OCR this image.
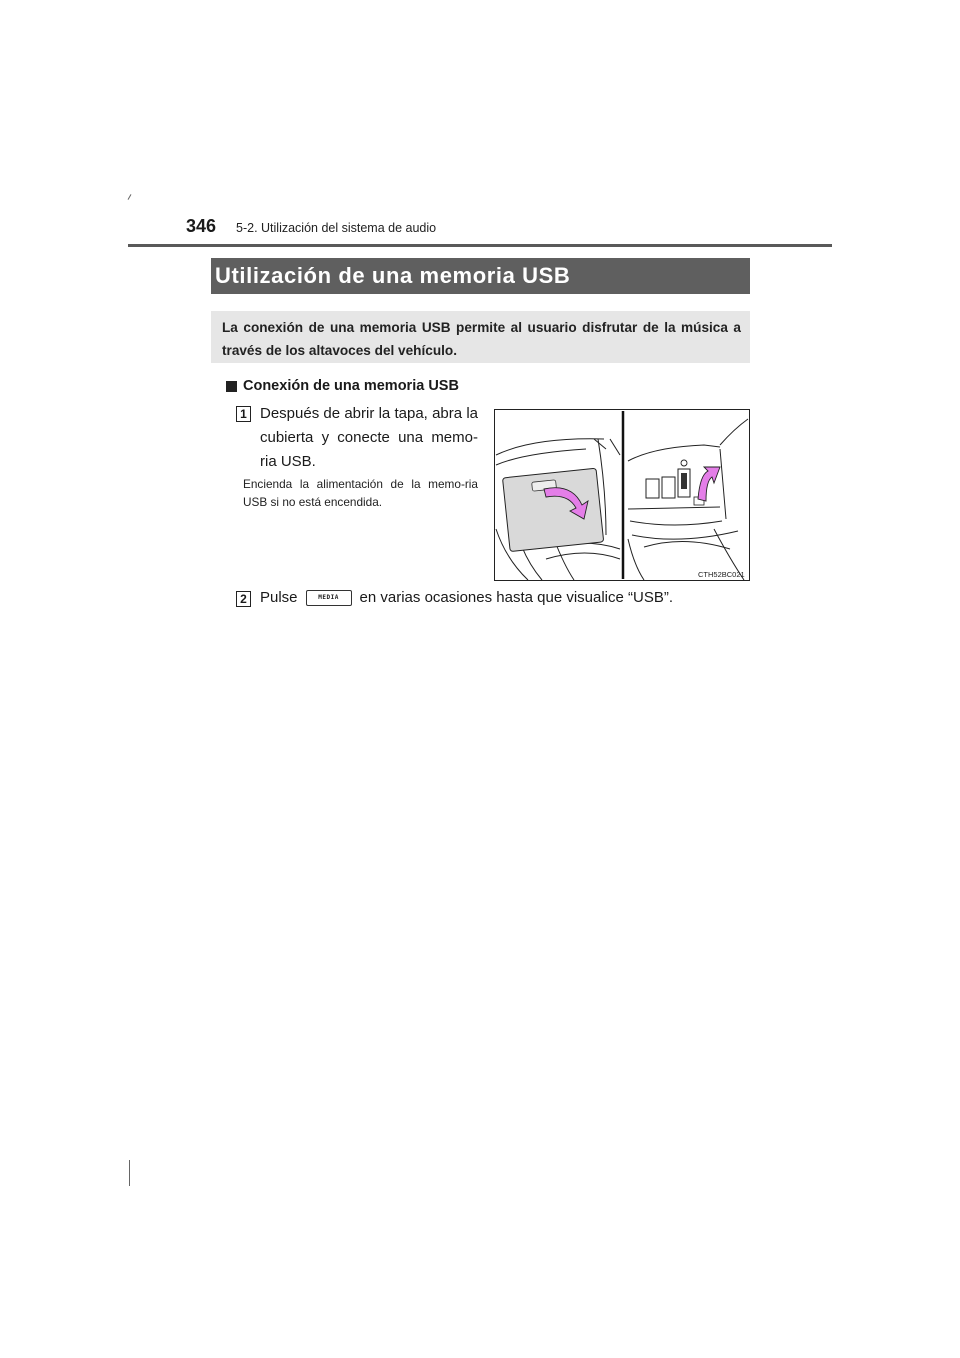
346 5-2. Utilización del sistema de audio
Utilización de una memoria USB
La conexión de una memoria USB permite al usuario disfrutar de la música a través de los altavoces del vehículo.
Conexión de una memoria USB
1 Después de abrir la tapa, abra la cubierta y conecte una memo-ria USB.
Encienda la alimentación de la memo-ria USB si no está encendida.
CTH52BC021
2 Pulse	MEDIA	en varias ocasiones hasta que visualice “USB”.
